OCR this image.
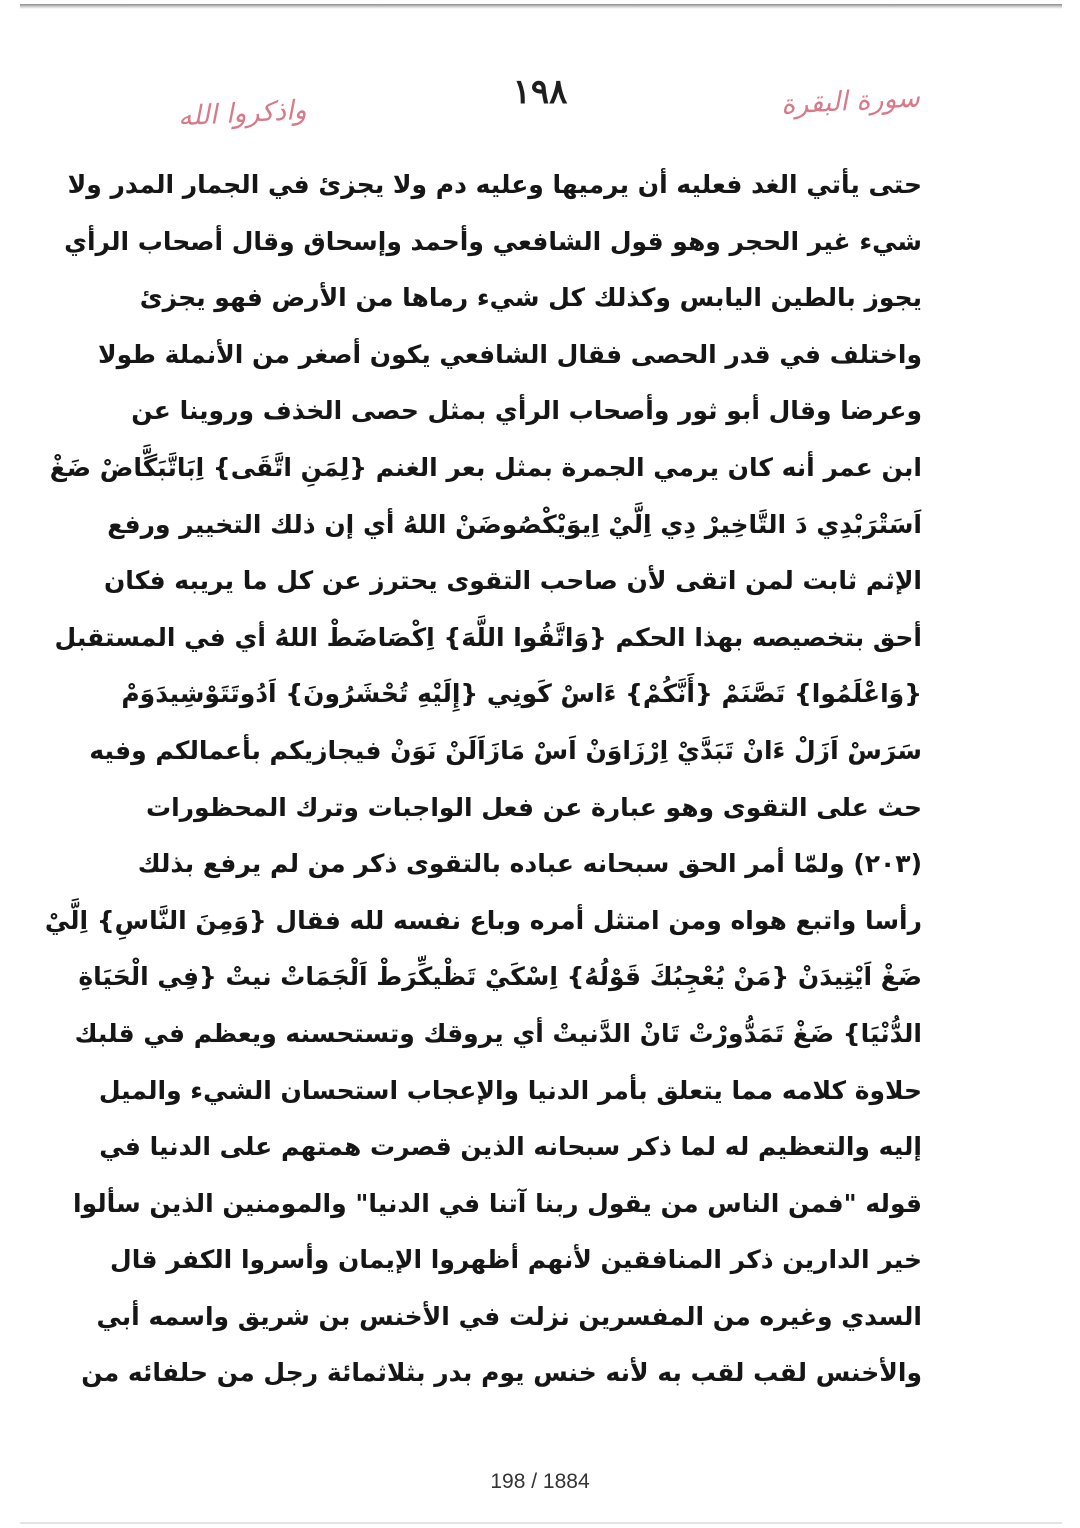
سورة البقرة
١٩٨
واذكروا الله
حتى يأتي الغد فعليه أن يرميها وعليه دم ولا يجزئ في الجمار المدر ولا
شيء غير الحجر وهو قول الشافعي وأحمد وإسحاق وقال أصحاب الرأي
يجوز بالطين اليابس وكذلك كل شيء رماها من الأرض فهو يجزئ
واختلف في قدر الحصى فقال الشافعي يكون أصغر من الأنملة طولا
وعرضا وقال أبو ثور وأصحاب الرأي بمثل حصى الخذف وروينا عن
ابن عمر أنه كان يرمي الجمرة بمثل بعر الغنم {لِمَنِ اتَّقَى} اِبَاتَّبَگَّاضْ ضَغْ
اَسَتْرَبْدِي دَ التَّاخِيرْ دِي اِلَّيْ اِيوَيْكْصُوضَنْ اللهُ أي إن ذلك التخيير ورفع
الإثم ثابت لمن اتقى لأن صاحب التقوى يحترز عن كل ما يريبه فكان
أحق بتخصيصه بهذا الحكم {وَاتَّقُوا اللَّهَ} اِكْصَاضَطْ اللهُ أي في المستقبل
{وَاعْلَمُوا} تَصَّنَمْ {أَنَّكُمْ} ءَاسْ كَونِي {إِلَيْهِ تُحْشَرُونَ} اَدُوتَتَوْشِيدَوَمْ
سَرَسْ اَزَلْ ءَانْ تَبَدَّيْ اِرْزَاوَنْ اَسْ مَازَاَلَنْ نَوَنْ فيجازيكم بأعمالكم وفيه
حث على التقوى وهو عبارة عن فعل الواجبات وترك المحظورات
(٢٠٣) ولمّا أمر الحق سبحانه عباده بالتقوى ذكر من لم يرفع بذلك
رأسا واتبع هواه ومن امتثل أمره وباع نفسه لله فقال {وَمِنَ النَّاسِ} اِلَّيْ
ضَغْ اَيْتِيدَنْ {مَنْ يُعْجِبُكَ قَوْلُهُ} اِسْكَيْ تَظْيكِّرَطْ اَلْجَمَاتْ نيتْ {فِي الْحَيَاةِ
الدُّنْيَا} ضَغْ تَمَدُّورْتْ تَانْ الدَّنيتْ أي يروقك وتستحسنه ويعظم في قلبك
حلاوة كلامه مما يتعلق بأمر الدنيا والإعجاب استحسان الشيء والميل
إليه والتعظيم له لما ذكر سبحانه الذين قصرت همتهم على الدنيا في
قوله "فمن الناس من يقول ربنا آتنا في الدنيا" والمومنين الذين سألوا
خير الدارين ذكر المنافقين لأنهم أظهروا الإيمان وأسروا الكفر قال
السدي وغيره من المفسرين نزلت في الأخنس بن شريق واسمه أبي
والأخنس لقب لقب به لأنه خنس يوم بدر بثلاثمائة رجل من حلفائه من
198 / 1884
